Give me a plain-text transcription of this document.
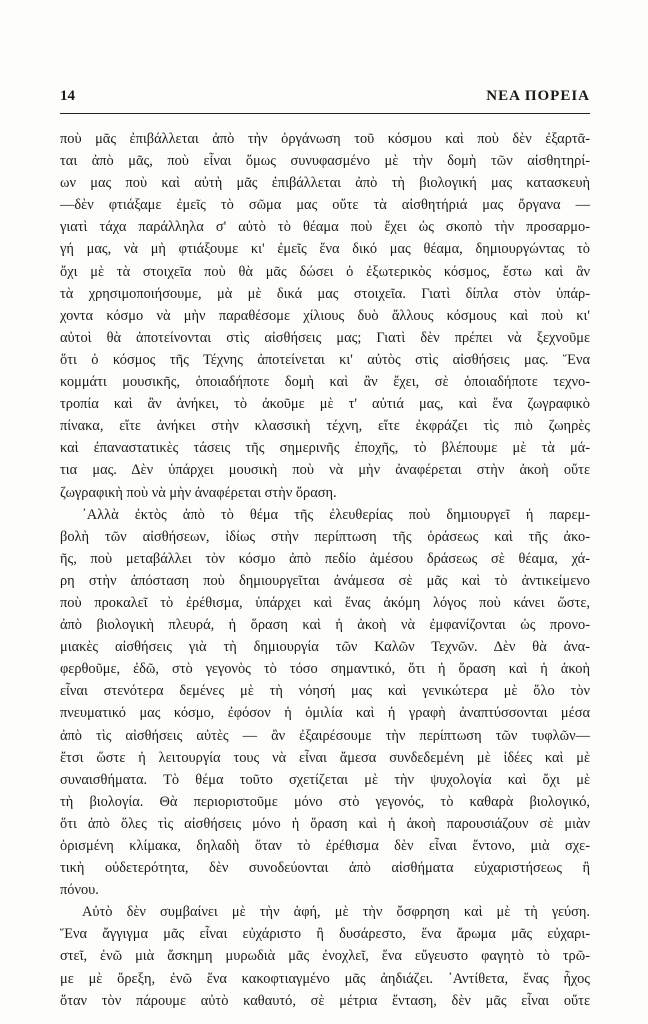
14	ΝΕΑ ΠΟΡΕΙΑ
ποὺ μᾶς ἐπιβάλλεται ἀπὸ τὴν ὀργάνωση τοῦ κόσμου καὶ ποὺ δὲν ἐξαρτᾶ-
ται ἀπὸ μᾶς, ποὺ εἶναι ὅμως συνυφασμένο μὲ τὴν δομὴ τῶν αἰσθητηρί-
ων μας ποὺ καὶ αὐτὴ μᾶς ἐπιβάλλεται ἀπὸ τὴ βιολογική μας κατασκευὴ
—δὲν φτιάξαμε ἐμεῖς τὸ σῶμα μας οὔτε τὰ αἰσθητήριά μας ὄργανα —
γιατὶ τάχα παράλληλα σ' αὐτὸ τὸ θέαμα ποὺ ἔχει ὡς σκοπὸ τὴν προσαρμο-
γή μας, νὰ μὴ φτιάξουμε κι' ἐμεῖς ἕνα δικό μας θέαμα, δημιουργώντας τὸ
ὄχι μὲ τὰ στοιχεῖα ποὺ θὰ μᾶς δώσει ὁ ἐξωτερικὸς κόσμος, ἔστω καὶ ἂν
τὰ χρησιμοποιήσουμε, μὰ μὲ δικά μας στοιχεῖα. Γιατὶ δίπλα στὸν ὑπάρ-
χοντα κόσμο νὰ μὴν παραθέσομε χίλιους δυὸ ἄλλους κόσμους καὶ ποὺ κι'
αὐτοὶ θὰ ἀποτείνονται στὶς αἰσθήσεις μας; Γιατὶ δὲν πρέπει νὰ ξεχνοῦμε
ὅτι ὁ κόσμος τῆς Τέχνης ἀποτείνεται κι' αὐτὸς στὶς αἰσθήσεις μας. Ἕνα
κομμάτι μουσικῆς, ὁποιαδήποτε δομὴ καὶ ἂν ἔχει, σὲ ὁποιαδήποτε τεχνο-
τροπία καὶ ἂν ἀνήκει, τὸ ἀκοῦμε μὲ τ' αὐτιά μας, καὶ ἕνα ζωγραφικὸ
πίνακα, εἴτε ἀνήκει στὴν κλασσικὴ τέχνη, εἴτε ἐκφράζει τὶς πιὸ ζωηρὲς
καὶ ἐπαναστατικὲς τάσεις τῆς σημερινῆς ἐποχῆς, τὸ βλέπουμε μὲ τὰ μά-
τια μας. Δὲν ὑπάρχει μουσικὴ ποὺ νὰ μὴν ἀναφέρεται στὴν ἀκοὴ οὔτε
ζωγραφικὴ ποὺ νὰ μὴν ἀναφέρεται στὴν ὅραση.
᾿Αλλὰ ἐκτὸς ἀπὸ τὸ θέμα τῆς ἐλευθερίας ποὺ δημιουργεῖ ἡ παρεμ-
βολὴ τῶν αἰσθήσεων, ἰδίως στὴν περίπτωση τῆς ὁράσεως καὶ τῆς ἀκο-
ῆς, ποὺ μεταβάλλει τὸν κόσμο ἀπὸ πεδίο ἀμέσου δράσεως σὲ θέαμα, χά-
ρη στὴν ἀπόσταση ποὺ δημιουργεῖται ἀνάμεσα σὲ μᾶς καὶ τὸ ἀντικείμενο
ποὺ προκαλεῖ τὸ ἐρέθισμα, ὑπάρχει καὶ ἕνας ἀκόμη λόγος ποὺ κάνει ὥστε,
ἀπὸ βιολογικὴ πλευρά, ἡ ὅραση καὶ ἡ ἀκοὴ νὰ ἐμφανίζονται ὡς προνο-
μιακὲς αἰσθήσεις γιὰ τὴ δημιουργία τῶν Καλῶν Τεχνῶν. Δὲν θὰ ἀνα-
φερθοῦμε, ἐδῶ, στὸ γεγονὸς τὸ τόσο σημαντικό, ὅτι ἡ ὅραση καὶ ἡ ἀκοὴ
εἶναι στενότερα δεμένες μὲ τὴ νόησή μας καὶ γενικώτερα μὲ ὅλο τὸν
πνευματικό μας κόσμο, ἐφόσον ἡ ὁμιλία καὶ ἡ γραφὴ ἀναπτύσσονται μέσα
ἀπὸ τὶς αἰσθήσεις αὐτὲς — ἂν ἐξαιρέσουμε τὴν περίπτωση τῶν τυφλῶν—
ἔτσι ὥστε ἡ λειτουργία τους νὰ εἶναι ἄμεσα συνδεδεμένη μὲ ἰδέες καὶ μὲ
συναισθήματα. Τὸ θέμα τοῦτο σχετίζεται μὲ τὴν ψυχολογία καὶ ὄχι μὲ
τὴ βιολογία. Θὰ περιοριστοῦμε μόνο στὸ γεγονός, τὸ καθαρὰ βιολογικό,
ὅτι ἀπὸ ὅλες τὶς αἰσθήσεις μόνο ἡ ὅραση καὶ ἡ ἀκοὴ παρουσιάζουν σὲ μιὰν
ὁρισμένη κλίμακα, δηλαδὴ ὅταν τὸ ἐρέθισμα δὲν εἶναι ἔντονο, μιὰ σχε-
τικὴ οὐδετερότητα, δὲν συνοδεύονται ἀπὸ αἰσθήματα εὐχαριστήσεως ἢ
πόνου.
Αὐτὸ δὲν συμβαίνει μὲ τὴν ἁφή, μὲ τὴν ὄσφρηση καὶ μὲ τὴ γεύση.
Ἕνα ἄγγιγμα μᾶς εἶναι εὐχάριστο ἢ δυσάρεστο, ἕνα ἄρωμα μᾶς εὐχαρι-
στεῖ, ἐνῶ μιὰ ἄσκημη μυρωδιὰ μᾶς ἐνοχλεῖ, ἕνα εὔγευστο φαγητὸ τὸ τρῶ-
με μὲ ὄρεξη, ἐνῶ ἕνα κακοφτιαγμένο μᾶς ἀηδιάζει. ᾿Αντίθετα, ἕνας ἦχος
ὅταν τὸν πάρουμε αὐτὸ καθαυτό, σὲ μέτρια ἔνταση, δὲν μᾶς εἶναι οὔτε
